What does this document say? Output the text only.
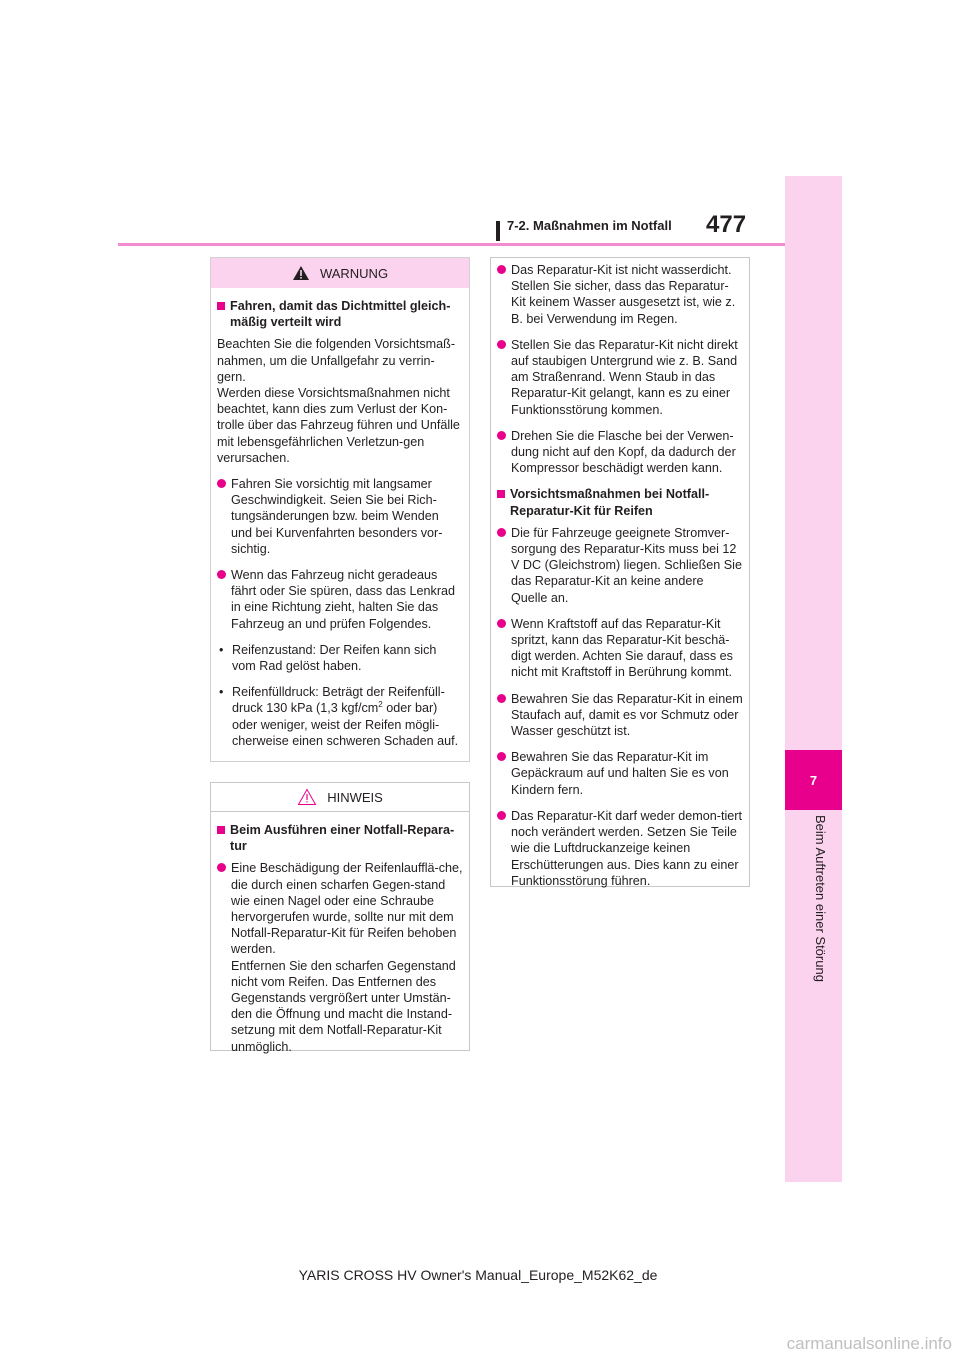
7
Beim Auftreten einer Störung
7-2. Maßnahmen im Notfall 477
WARNUNG
Fahren, damit das Dichtmittel gleich-mäßig verteilt wird
Beachten Sie die folgenden Vorsichtsmaß-nahmen, um die Unfallgefahr zu verrin-gern.
Werden diese Vorsichtsmaßnahmen nicht beachtet, kann dies zum Verlust der Kon-trolle über das Fahrzeug führen und Unfälle mit lebensgefährlichen Verletzun-gen verursachen.
Fahren Sie vorsichtig mit langsamer Geschwindigkeit. Seien Sie bei Rich-tungsänderungen bzw. beim Wenden und bei Kurvenfahrten besonders vor-sichtig.
Wenn das Fahrzeug nicht geradeaus fährt oder Sie spüren, dass das Lenkrad in eine Richtung zieht, halten Sie das Fahrzeug an und prüfen Folgendes.
• Reifenzustand: Der Reifen kann sich vom Rad gelöst haben.
• Reifenfülldruck: Beträgt der Reifenfüll-druck 130 kPa (1,3 kgf/$cm^2$ oder bar) oder weniger, weist der Reifen mögli-cherweise einen schweren Schaden auf.
HINWEIS
Beim Ausführen einer Notfall-Repara-tur
Eine Beschädigung der Reifenlaufflä-che, die durch einen scharfen Gegen-stand wie einen Nagel oder eine Schraube hervorgerufen wurde, sollte nur mit dem Notfall-Reparatur-Kit für Reifen behoben werden.
Entfernen Sie den scharfen Gegenstand nicht vom Reifen. Das Entfernen des Gegenstands vergrößert unter Umstän-den die Öffnung und macht die Instand-setzung mit dem Notfall-Reparatur-Kit unmöglich.
Das Reparatur-Kit ist nicht wasserdicht. Stellen Sie sicher, dass das Reparatur-Kit keinem Wasser ausgesetzt ist, wie z. B. bei Verwendung im Regen.
Stellen Sie das Reparatur-Kit nicht direkt auf staubigen Untergrund wie z. B. Sand am Straßenrand. Wenn Staub in das Reparatur-Kit gelangt, kann es zu einer Funktionsstörung kommen.
Drehen Sie die Flasche bei der Verwen-dung nicht auf den Kopf, da dadurch der Kompressor beschädigt werden kann.
Vorsichtsmaßnahmen bei Notfall-Reparatur-Kit für Reifen
Die für Fahrzeuge geeignete Stromver-sorgung des Reparatur-Kits muss bei 12 V DC (Gleichstrom) liegen. Schließen Sie das Reparatur-Kit an keine andere Quelle an.
Wenn Kraftstoff auf das Reparatur-Kit spritzt, kann das Reparatur-Kit beschä-digt werden. Achten Sie darauf, dass es nicht mit Kraftstoff in Berührung kommt.
Bewahren Sie das Reparatur-Kit in einem Staufach auf, damit es vor Schmutz oder Wasser geschützt ist.
Bewahren Sie das Reparatur-Kit im Gepäckraum auf und halten Sie es von Kindern fern.
Das Reparatur-Kit darf weder demon-tiert noch verändert werden. Setzen Sie Teile wie die Luftdruckanzeige keinen Erschütterungen aus. Dies kann zu einer Funktionsstörung führen.
YARIS CROSS HV Owner's Manual_Europe_M52K62_de
carmanualsonline.info
